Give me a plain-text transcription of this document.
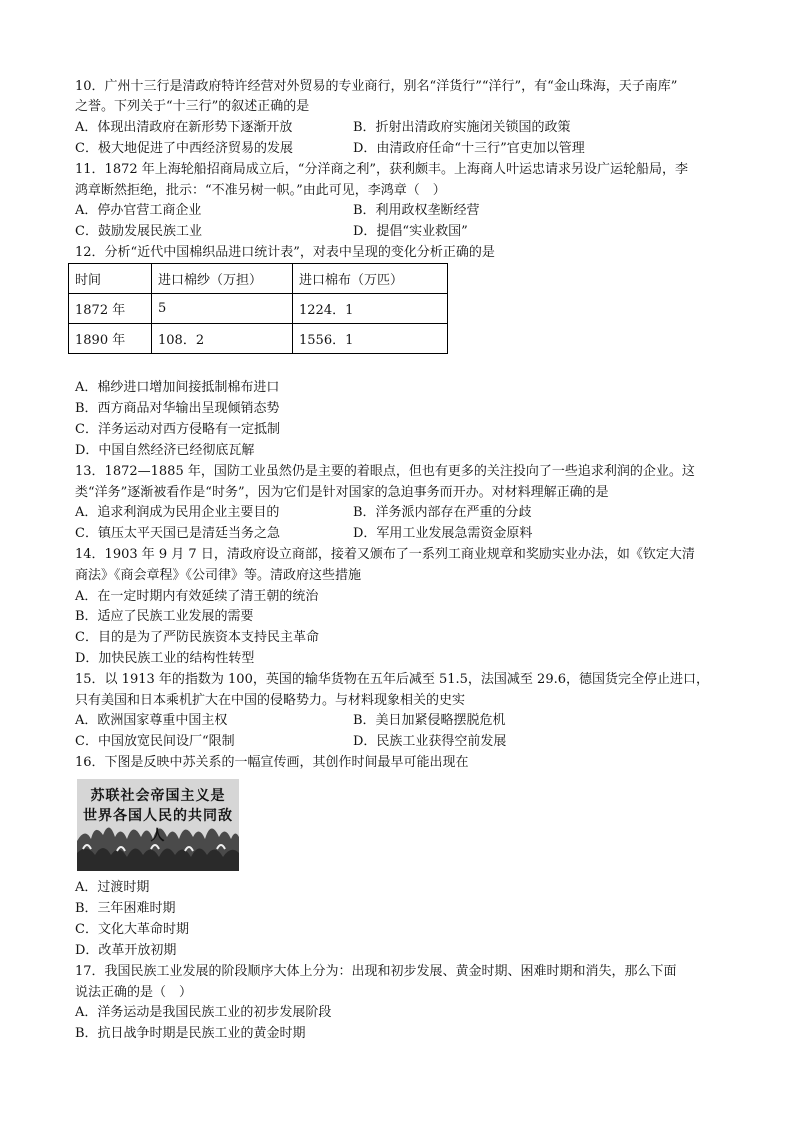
10．广州十三行是清政府特许经营对外贸易的专业商行，别名“洋货行”“洋行”，有“金山珠海，天子南库”
之誉。下列关于“十三行”的叙述正确的是
A．体现出清政府在新形势下逐渐开放	B．折射出清政府实施闭关锁国的政策
C．极大地促进了中西经济贸易的发展	D．由清政府任命“十三行”官吏加以管理
11．1872 年上海轮船招商局成立后，“分洋商之利”，获利颇丰。上海商人叶运忠请求另设广运轮船局，李
鸿章断然拒绝，批示：“不准另树一帜。”由此可见，李鸿章（　）
A．停办官营工商企业	B．利用政权垄断经营
C．鼓励发展民族工业	D．提倡“实业救国”
12．分析“近代中国棉织品进口统计表”，对表中呈现的变化分析正确的是
时间	进口棉纱（万担）	进口棉布（万匹）
1872 年	5	1224．1
1890 年	108．2	1556．1
A．棉纱进口增加间接抵制棉布进口
B．西方商品对华输出呈现倾销态势
C．洋务运动对西方侵略有一定抵制
D．中国自然经济已经彻底瓦解
13．1872—1885 年，国防工业虽然仍是主要的着眼点，但也有更多的关注投向了一些追求利润的企业。这
类“洋务”逐渐被看作是“时务”，因为它们是针对国家的急迫事务而开办。对材料理解正确的是
A．追求利润成为民用企业主要目的	B．洋务派内部存在严重的分歧
C．镇压太平天国已是清廷当务之急	D．军用工业发展急需资金原料
14．1903 年 9 月 7 日，清政府设立商部，接着又颁布了一系列工商业规章和奖励实业办法，如《钦定大清
商法》《商会章程》《公司律》等。清政府这些措施
A．在一定时期内有效延续了清王朝的统治
B．适应了民族工业发展的需要
C．目的是为了严防民族资本支持民主革命
D．加快民族工业的结构性转型
15．以 1913 年的指数为 100，英国的输华货物在五年后减至 51.5，法国减至 29.6，德国货完全停止进口，
只有美国和日本乘机扩大在中国的侵略势力。与材料现象相关的史实
A．欧洲国家尊重中国主权	B．美日加紧侵略摆脱危机
C．中国放宽民间设厂“限制	D．民族工业获得空前发展
16．下图是反映中苏关系的一幅宣传画，其创作时间最早可能出现在
苏联社会帝国主义是
世界各国人民的共同敌人
A．过渡时期
B．三年困难时期
C．文化大革命时期
D．改革开放初期
17．我国民族工业发展的阶段顺序大体上分为：出现和初步发展、黄金时期、困难时期和消失，那么下面
说法正确的是（　）
A．洋务运动是我国民族工业的初步发展阶段
B．抗日战争时期是民族工业的黄金时期
